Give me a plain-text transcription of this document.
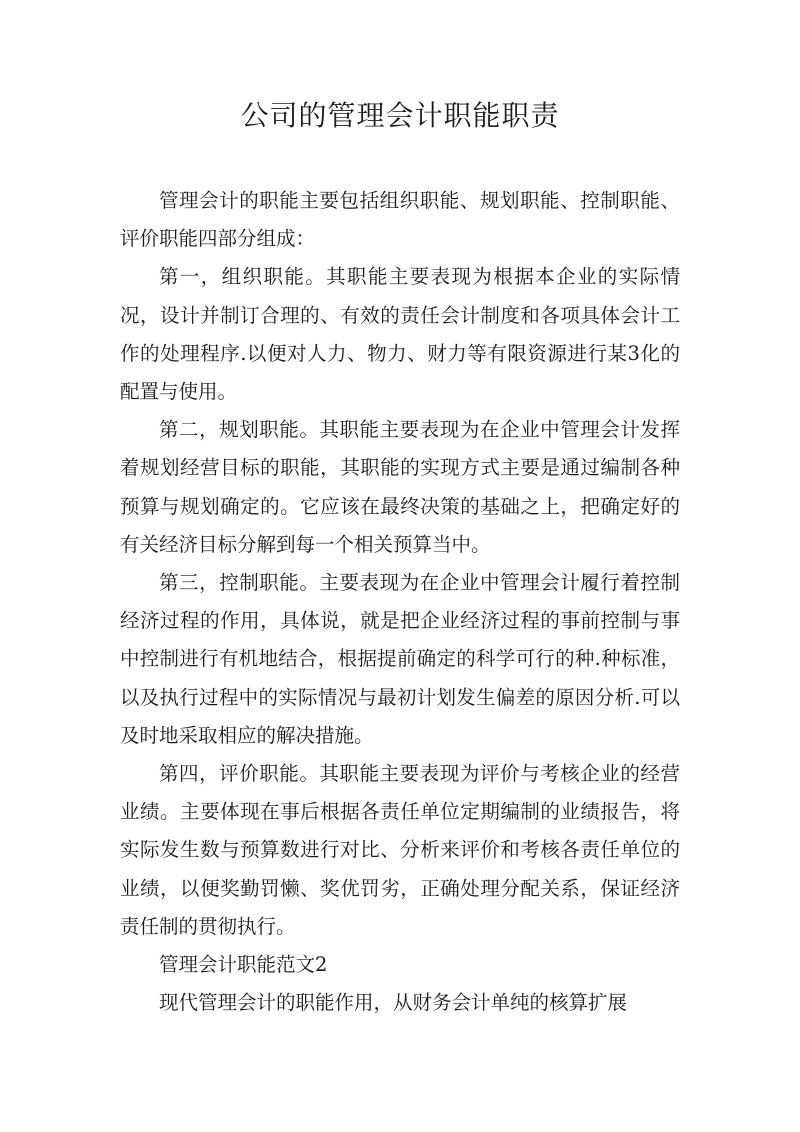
公司的管理会计职能职责

管理会计的职能主要包括组织职能、规划职能、控制职能、评价职能四部分组成：

第一，组织职能。其职能主要表现为根据本企业的实际情况，设计并制订合理的、有效的责任会计制度和各项具体会计工作的处理程序.以便对人力、物力、财力等有限资源进行某3化的配置与使用。

第二，规划职能。其职能主要表现为在企业中管理会计发挥着规划经营目标的职能，其职能的实现方式主要是通过编制各种预算与规划确定的。它应该在最终决策的基础之上，把确定好的有关经济目标分解到每一个相关预算当中。

第三，控制职能。主要表现为在企业中管理会计履行着控制经济过程的作用，具体说，就是把企业经济过程的事前控制与事中控制进行有机地结合，根据提前确定的科学可行的种.种标准，以及执行过程中的实际情况与最初计划发生偏差的原因分析.可以及时地采取相应的解决措施。

第四，评价职能。其职能主要表现为评价与考核企业的经营业绩。主要体现在事后根据各责任单位定期编制的业绩报告，将实际发生数与预算数进行对比、分析来评价和考核各责任单位的业绩，以便奖勤罚懒、奖优罚劣，正确处理分配关系，保证经济责任制的贯彻执行。

管理会计职能范文2

现代管理会计的职能作用，从财务会计单纯的核算扩展
